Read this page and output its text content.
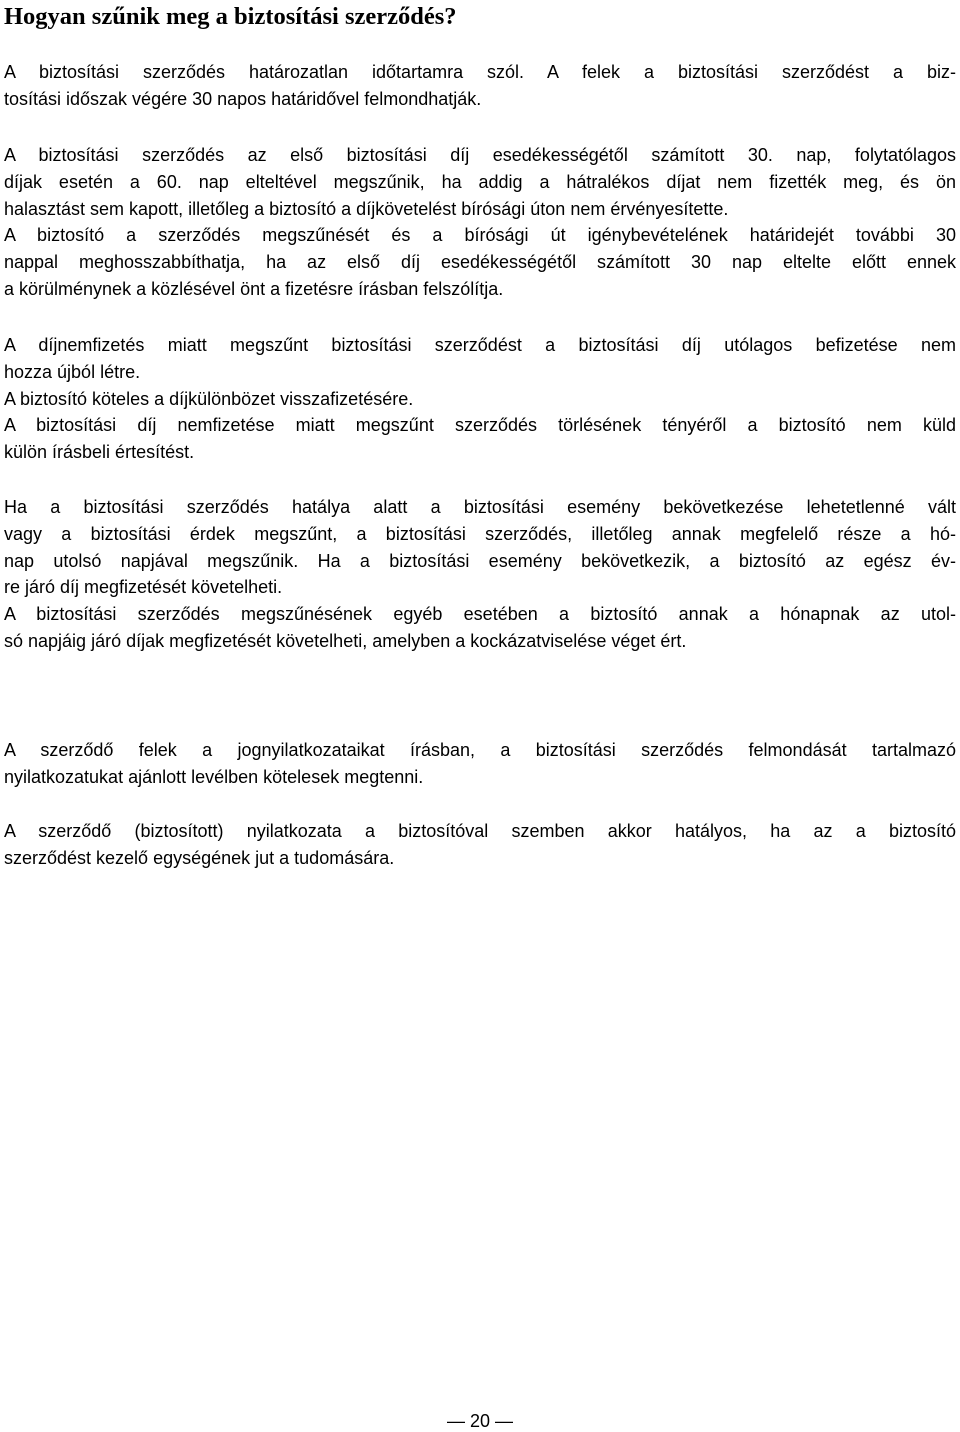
Hogyan szűnik meg a biztosítási szerződés?

A biztosítási szerződés határozatlan időtartamra szól. A felek a biztosítási szerződést a biz-
tosítási időszak végére 30 napos határidővel felmondhatják.

A biztosítási szerződés az első biztosítási díj esedékességétől számított 30. nap, folytatólagos
díjak esetén a 60. nap elteltével megszűnik, ha addig a hátralékos díjat nem fizették meg, és ön
halasztást sem kapott, illetőleg a biztosító a díjkövetelést bírósági úton nem érvényesítette.
A biztosító a szerződés megszűnését és a bírósági út igénybevételének határidejét további 30
nappal meghosszabbíthatja, ha az első díj esedékességétől számított 30 nap eltelte előtt ennek
a körülménynek a közlésével önt a fizetésre írásban felszólítja.

A díjnemfizetés miatt megszűnt biztosítási szerződést a biztosítási díj utólagos befizetése nem
hozza újból létre.
A biztosító köteles a díjkülönbözet visszafizetésére.
A biztosítási díj nemfizetése miatt megszűnt szerződés törlésének tényéről a biztosító nem küld
külön írásbeli értesítést.

Ha a biztosítási szerződés hatálya alatt a biztosítási esemény bekövetkezése lehetetlenné vált
vagy a biztosítási érdek megszűnt, a biztosítási szerződés, illetőleg annak megfelelő része a hó-
nap utolsó napjával megszűnik. Ha a biztosítási esemény bekövetkezik, a biztosító az egész év-
re járó díj megfizetését követelheti.
A biztosítási szerződés megszűnésének egyéb esetében a biztosító annak a hónapnak az utol-
só napjáig járó díjak megfizetését követelheti, amelyben a kockázatviselése véget ért.

A szerződő felek a jognyilatkozataikat írásban, a biztosítási szerződés felmondását tartalmazó
nyilatkozatukat ajánlott levélben kötelesek megtenni.

A szerződő (biztosított) nyilatkozata a biztosítóval szemben akkor hatályos, ha az a biztosító
szerződést kezelő egységének jut a tudomására.

— 20 —
